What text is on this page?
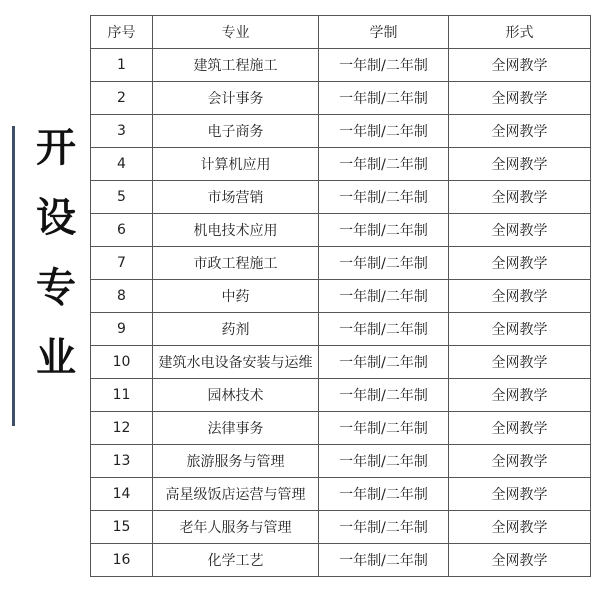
开
设
专
业
序号	专业	学制	形式
1	建筑工程施工	一年制/二年制	全网教学
2	会计事务	一年制/二年制	全网教学
3	电子商务	一年制/二年制	全网教学
4	计算机应用	一年制/二年制	全网教学
5	市场营销	一年制/二年制	全网教学
6	机电技术应用	一年制/二年制	全网教学
7	市政工程施工	一年制/二年制	全网教学
8	中药	一年制/二年制	全网教学
9	药剂	一年制/二年制	全网教学
10	建筑水电设备安装与运维	一年制/二年制	全网教学
11	园林技术	一年制/二年制	全网教学
12	法律事务	一年制/二年制	全网教学
13	旅游服务与管理	一年制/二年制	全网教学
14	高星级饭店运营与管理	一年制/二年制	全网教学
15	老年人服务与管理	一年制/二年制	全网教学
16	化学工艺	一年制/二年制	全网教学
